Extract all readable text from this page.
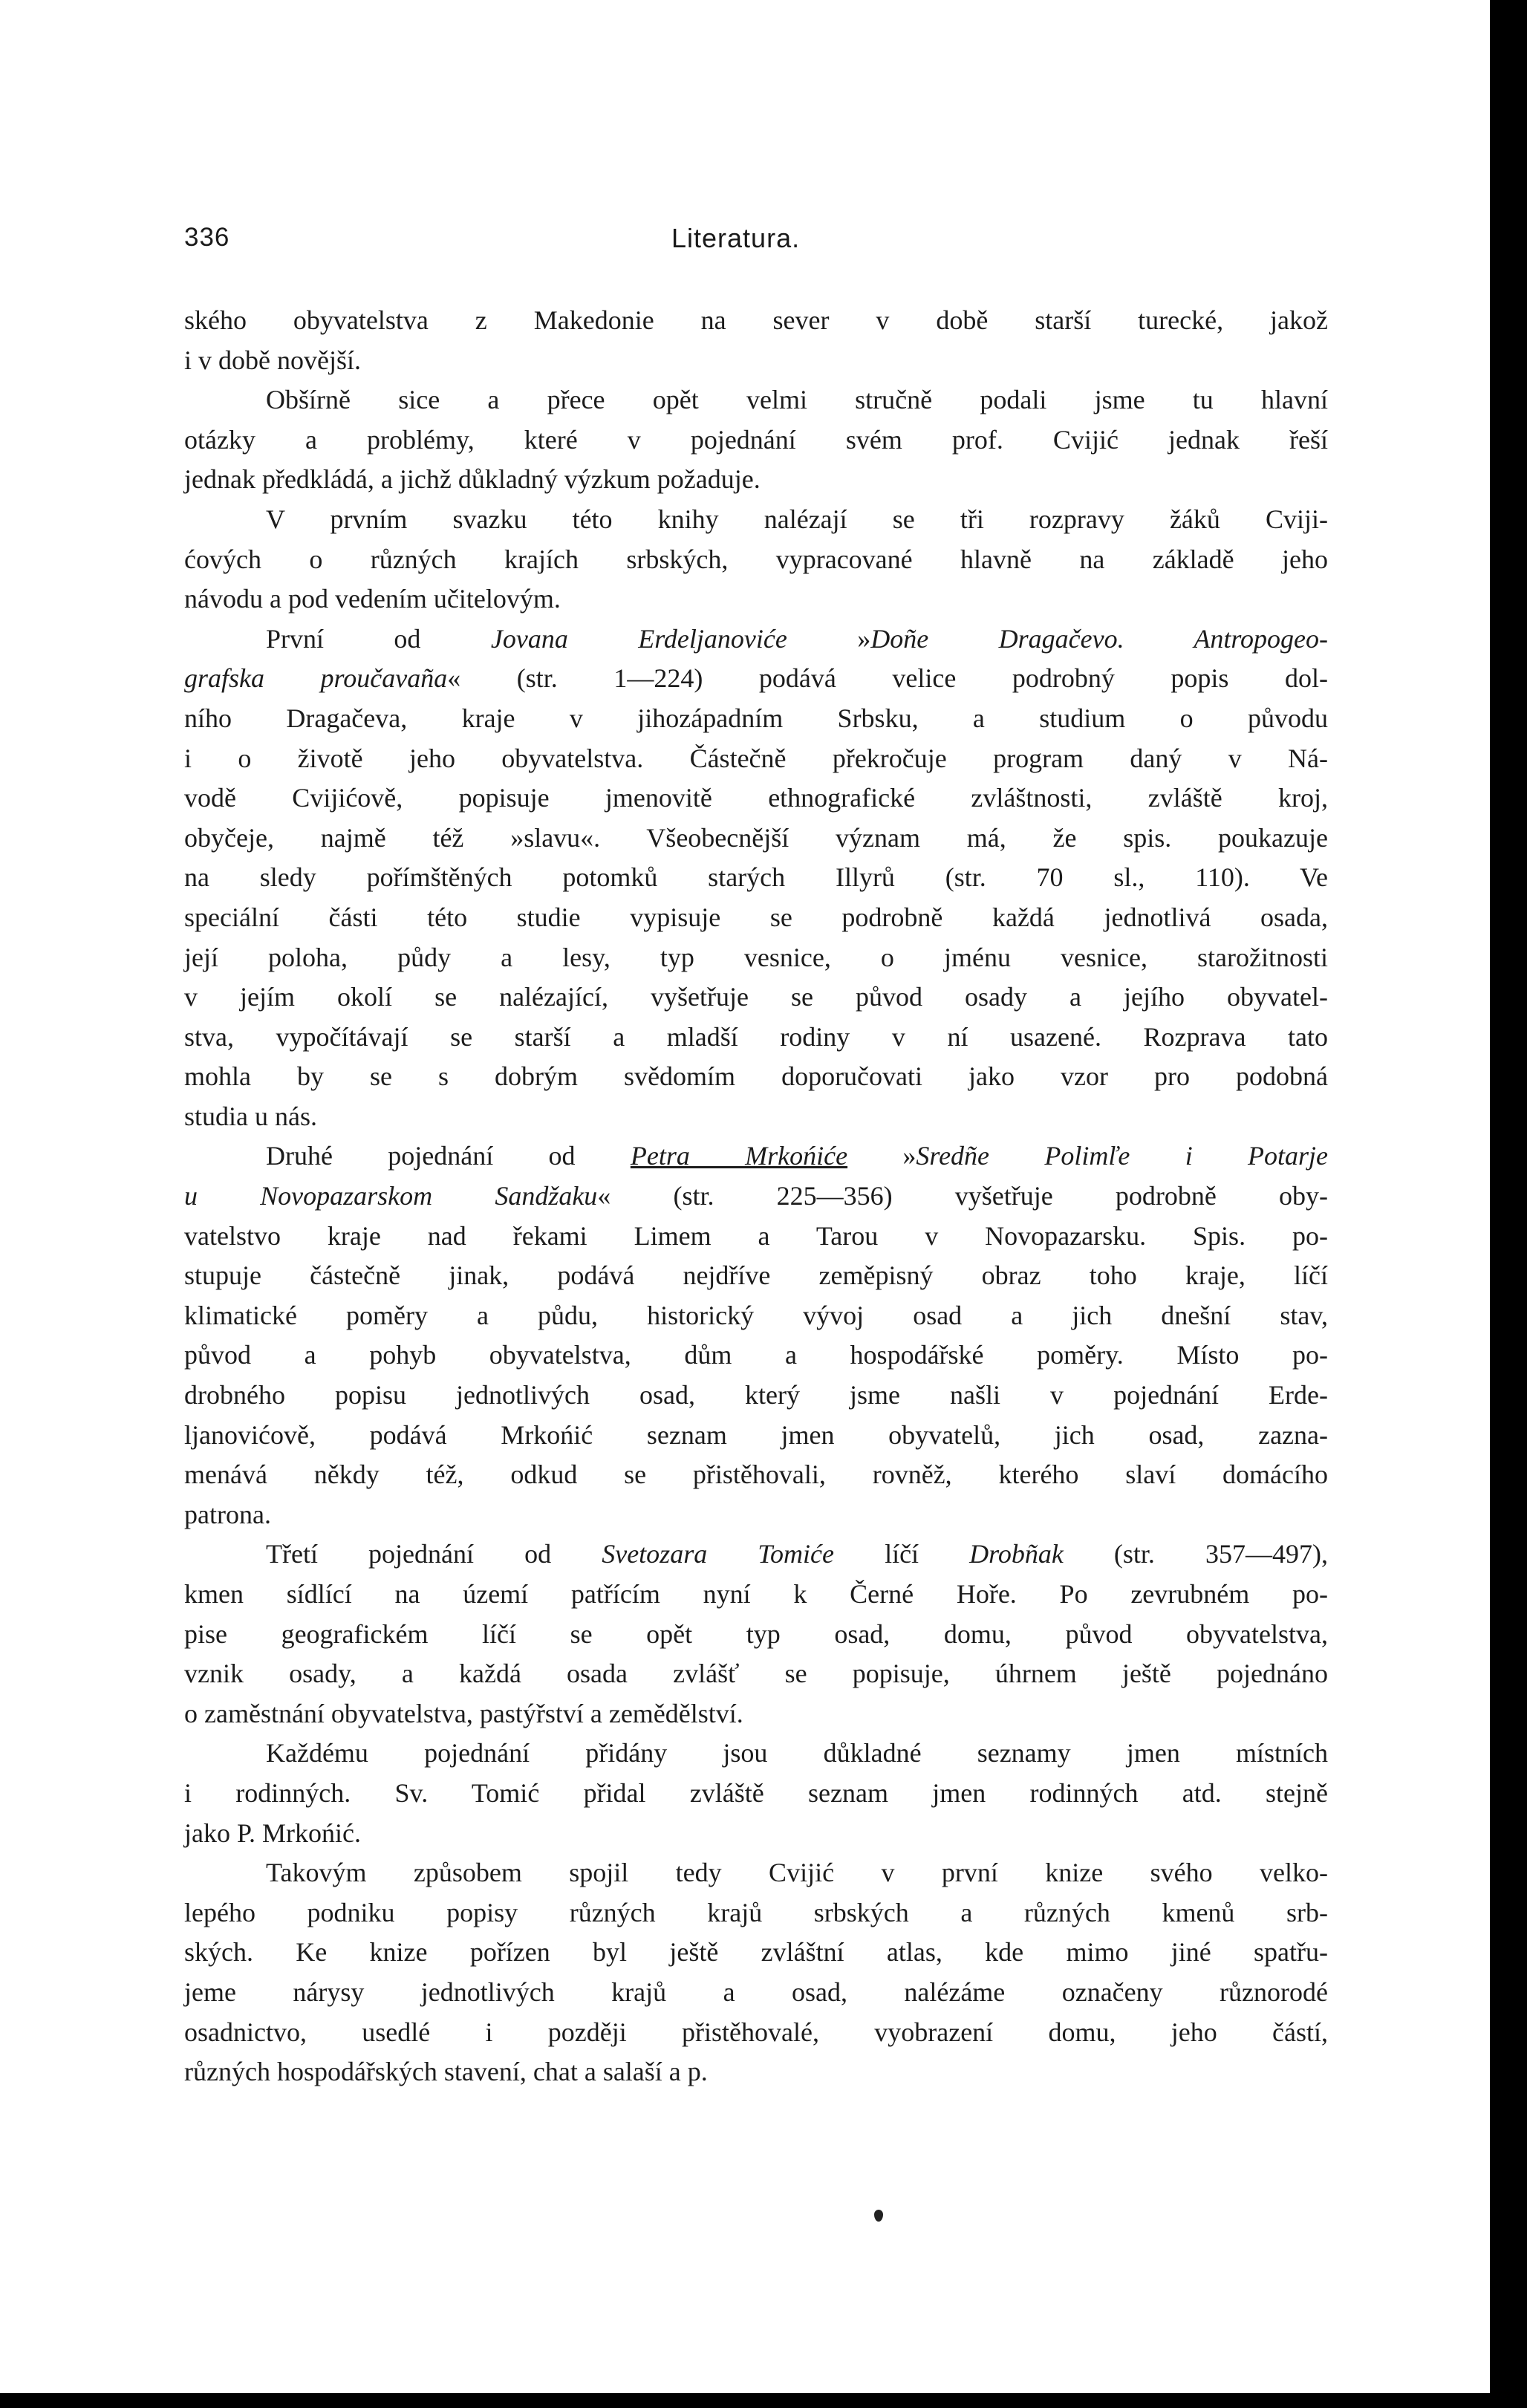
336	Literatura.
ského obyvatelstva z Makedonie na sever v době starší turecké, jakož
i v době novější.
Obšírně sice a přece opět velmi stručně podali jsme tu hlavní
otázky a problémy, které v pojednání svém prof. Cvijić jednak řeší
jednak předkládá, a jichž důkladný výzkum požaduje.
V prvním svazku této knihy nalézají se tři rozpravy žáků Cviji-
ćových o různých krajích srbských, vypracované hlavně na základě jeho
návodu a pod vedením učitelovým.
První od Jovana Erdeljanoviće »Doñe Dragačevo. Antropogeo-
grafska proučavaña« (str. 1—224) podává velice podrobný popis dol-
ního Dragačeva, kraje v jihozápadním Srbsku, a studium o původu
i o životě jeho obyvatelstva. Částečně překročuje program daný v Ná-
vodě Cvijićově, popisuje jmenovitě ethnografické zvláštnosti, zvláště kroj,
obyčeje, najmě též »slavu«. Všeobecnější význam má, že spis. poukazuje
na sledy pořímštěných potomků starých Illyrů (str. 70 sl., 110). Ve
speciální části této studie vypisuje se podrobně každá jednotlivá osada,
její poloha, půdy a lesy, typ vesnice, o jménu vesnice, starožitnosti
v jejím okolí se nalézající, vyšetřuje se původ osady a jejího obyvatel-
stva, vypočítávají se starší a mladší rodiny v ní usazené. Rozprava tato
mohla by se s dobrým svědomím doporučovati jako vzor pro podobná
studia u nás.
Druhé pojednání od Petra Mrkońiće »Sredñe Polimľe i Potarje
u Novopazarskom Sandžaku« (str. 225—356) vyšetřuje podrobně oby-
vatelstvo kraje nad řekami Limem a Tarou v Novopazarsku. Spis. po-
stupuje částečně jinak, podává nejdříve zeměpisný obraz toho kraje, líčí
klimatické poměry a půdu, historický vývoj osad a jich dnešní stav,
původ a pohyb obyvatelstva, dům a hospodářské poměry. Místo po-
drobného popisu jednotlivých osad, který jsme našli v pojednání Erde-
ljanovićově, podává Mrkońić seznam jmen obyvatelů, jich osad, zazna-
menává někdy též, odkud se přistěhovali, rovněž, kterého slaví domácího
patrona.
Třetí pojednání od Svetozara Tomiće líčí Drobñak (str. 357—497),
kmen sídlící na území patřícím nyní k Černé Hoře. Po zevrubném po-
pise geografickém líčí se opět typ osad, domu, původ obyvatelstva,
vznik osady, a každá osada zvlášť se popisuje, úhrnem ještě pojednáno
o zaměstnání obyvatelstva, pastýřství a zemědělství.
Každému pojednání přidány jsou důkladné seznamy jmen místních
i rodinných. Sv. Tomić přidal zvláště seznam jmen rodinných atd. stejně
jako P. Mrkońić.
Takovým způsobem spojil tedy Cvijić v první knize svého velko-
lepého podniku popisy různých krajů srbských a různých kmenů srb-
ských. Ke knize pořízen byl ještě zvláštní atlas, kde mimo jiné spatřu-
jeme nárysy jednotlivých krajů a osad, nalézáme označeny různorodé
osadnictvo, usedlé i později přistěhovalé, vyobrazení domu, jeho částí,
různých hospodářských stavení, chat a salaší a p.
